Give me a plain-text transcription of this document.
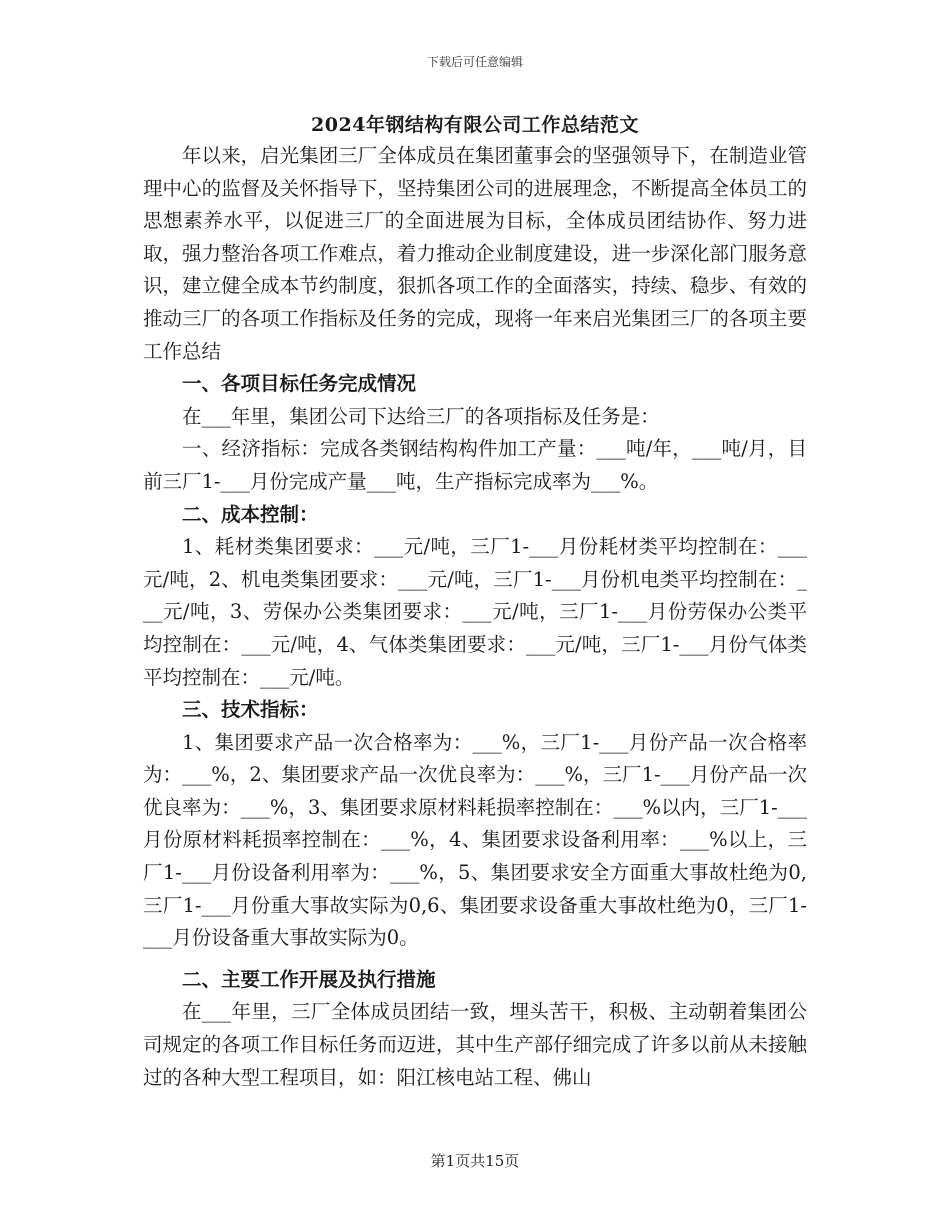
下载后可任意编辑
2024年钢结构有限公司工作总结范文

年以来，启光集团三厂全体成员在集团董事会的坚强领导下，在制造业管理中心的监督及关怀指导下，坚持集团公司的进展理念，不断提高全体员工的思想素养水平，以促进三厂的全面进展为目标，全体成员团结协作、努力进取，强力整治各项工作难点，着力推动企业制度建设，进一步深化部门服务意识，建立健全成本节约制度，狠抓各项工作的全面落实，持续、稳步、有效的推动三厂的各项工作指标及任务的完成，现将一年来启光集团三厂的各项主要工作总结

一、各项目标任务完成情况

在___年里，集团公司下达给三厂的各项指标及任务是：

一、经济指标：完成各类钢结构构件加工产量：___吨/年，___吨/月，目前三厂1-___月份完成产量___吨，生产指标完成率为___%。

二、成本控制：

1、耗材类集团要求：___元/吨，三厂1-___月份耗材类平均控制在：___元/吨，2、机电类集团要求：___元/吨，三厂1-___月份机电类平均控制在：___元/吨，3、劳保办公类集团要求：___元/吨，三厂1-___月份劳保办公类平均控制在：___元/吨，4、气体类集团要求：___元/吨，三厂1-___月份气体类平均控制在：___元/吨。

三、技术指标：

1、集团要求产品一次合格率为：___%，三厂1-___月份产品一次合格率为：___%，2、集团要求产品一次优良率为：___%，三厂1-___月份产品一次优良率为：___%，3、集团要求原材料耗损率控制在：___%以内，三厂1-___月份原材料耗损率控制在：___%，4、集团要求设备利用率：___%以上，三厂1-___月份设备利用率为：___%，5、集团要求安全方面重大事故杜绝为0,三厂1-___月份重大事故实际为0,6、集团要求设备重大事故杜绝为0，三厂1-___月份设备重大事故实际为0。

二、主要工作开展及执行措施

在___年里，三厂全体成员团结一致，埋头苦干，积极、主动朝着集团公司规定的各项工作目标任务而迈进，其中生产部仔细完成了许多以前从未接触过的各种大型工程项目，如：阳江核电站工程、佛山

第1页共15页
